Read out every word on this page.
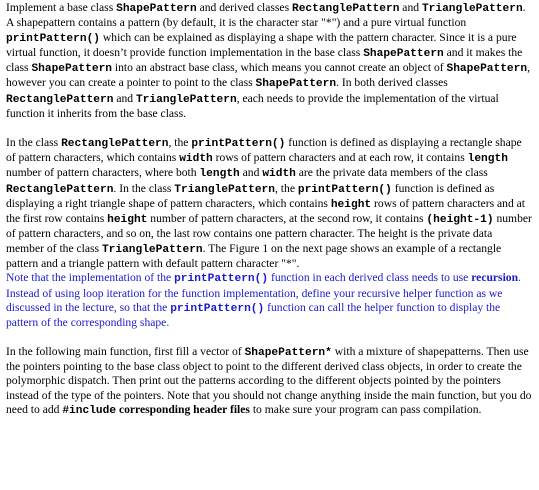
Implement a base class ShapePattern and derived classes RectanglePattern and TrianglePattern. A shapepattern contains a pattern (by default, it is the character star "*") and a pure virtual function printPattern() which can be explained as displaying a shape with the pattern character. Since it is a pure virtual function, it doesn’t provide function implementation in the base class ShapePattern and it makes the class ShapePattern into an abstract base class, which means you cannot create an object of ShapePattern, however you can create a pointer to point to the class ShapePattern. In both derived classes RectanglePattern and TrianglePattern, each needs to provide the implementation of the virtual function it inherits from the base class.

In the class RectanglePattern, the printPattern() function is defined as displaying a rectangle shape of pattern characters, which contains width rows of pattern characters and at each row, it contains length number of pattern characters, where both length and width are the private data members of the class RectanglePattern. In the class TrianglePattern, the printPattern() function is defined as displaying a right triangle shape of pattern characters, which contains height rows of pattern characters and at the first row contains height number of pattern characters, at the second row, it contains (height-1) number of pattern characters, and so on, the last row contains one pattern character. The height is the private data member of the class TrianglePattern. The Figure 1 on the next page shows an example of a rectangle pattern and a triangle pattern with default pattern character "*".
Note that the implementation of the printPattern() function in each derived class needs to use recursion. Instead of using loop iteration for the function implementation, define your recursive helper function as we discussed in the lecture, so that the printPattern() function can call the helper function to display the pattern of the corresponding shape.

In the following main function, first fill a vector of ShapePattern* with a mixture of shapepatterns. Then use the pointers pointing to the base class object to point to the different derived class objects, in order to create the polymorphic dispatch. Then print out the patterns according to the different objects pointed by the pointers instead of the type of the pointers. Note that you should not change anything inside the main function, but you do need to add #include corresponding header files to make sure your program can pass compilation.
